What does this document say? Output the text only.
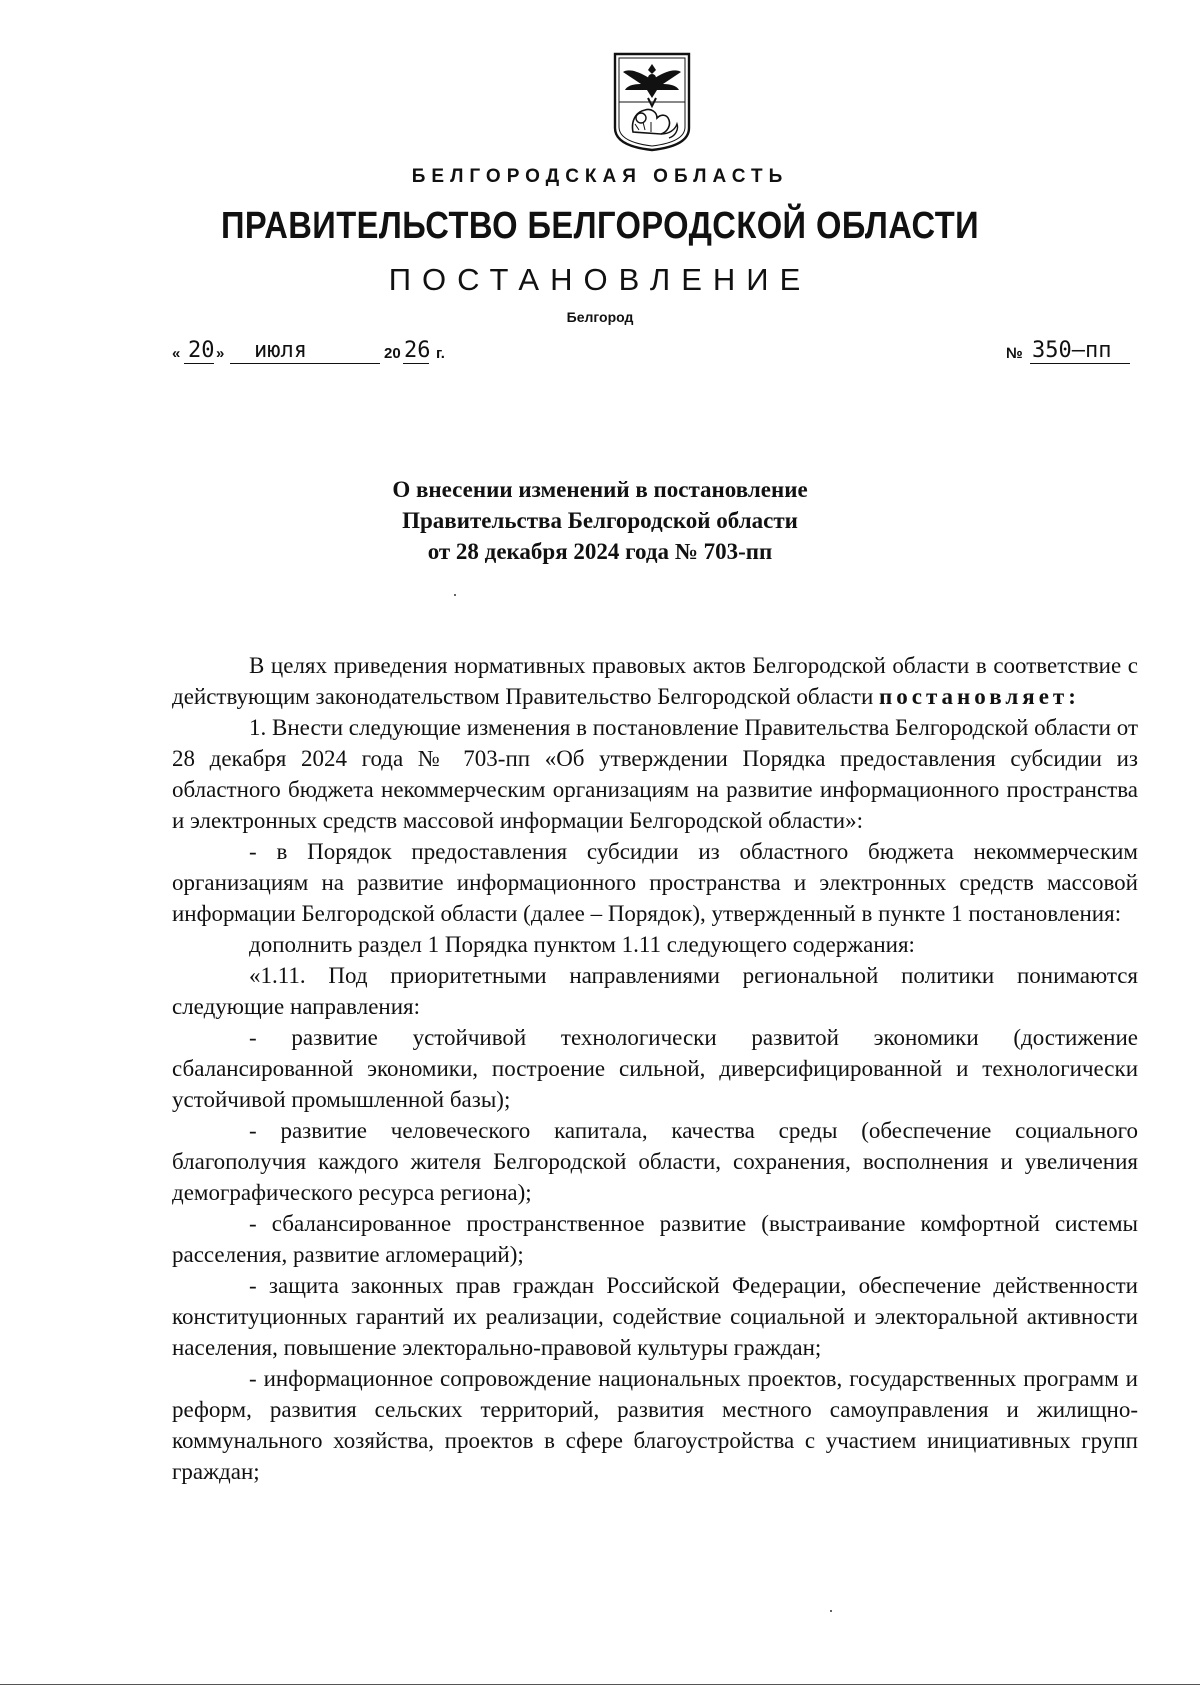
БЕЛГОРОДСКАЯ ОБЛАСТЬ
ПРАВИТЕЛЬСТВО БЕЛГОРОДСКОЙ ОБЛАСТИ
ПОСТАНОВЛЕНИЕ
Белгород
« 20 » июля	20 26 г.	№ 350–пп
О внесении изменений в постановление
Правительства Белгородской области
от 28 декабря 2024 года № 703-пп

В целях приведения нормативных правовых актов Белгородской области в соответствие с действующим законодательством Правительство Белгородской области постановляет:

1. Внести следующие изменения в постановление Правительства Белгородской области от 28 декабря 2024 года № 703-пп «Об утверждении Порядка предоставления субсидии из областного бюджета некоммерческим организациям на развитие информационного пространства и электронных средств массовой информации Белгородской области»:

- в Порядок предоставления субсидии из областного бюджета некоммерческим организациям на развитие информационного пространства и электронных средств массовой информации Белгородской области (далее – Порядок), утвержденный в пункте 1 постановления:

дополнить раздел 1 Порядка пунктом 1.11 следующего содержания:

«1.11. Под приоритетными направлениями региональной политики понимаются следующие направления:

- развитие устойчивой технологически развитой экономики (достижение сбалансированной экономики, построение сильной, диверсифицированной и технологически устойчивой промышленной базы);

- развитие человеческого капитала, качества среды (обеспечение социального благополучия каждого жителя Белгородской области, сохранения, восполнения и увеличения демографического ресурса региона);

- сбалансированное пространственное развитие (выстраивание комфортной системы расселения, развитие агломераций);

- защита законных прав граждан Российской Федерации, обеспечение действенности конституционных гарантий их реализации, содействие социальной и электоральной активности населения, повышение электорально-правовой культуры граждан;

- информационное сопровождение национальных проектов, государственных программ и реформ, развития сельских территорий, развития местного самоуправления и жилищно-коммунального хозяйства, проектов в сфере благоустройства с участием инициативных групп граждан;
